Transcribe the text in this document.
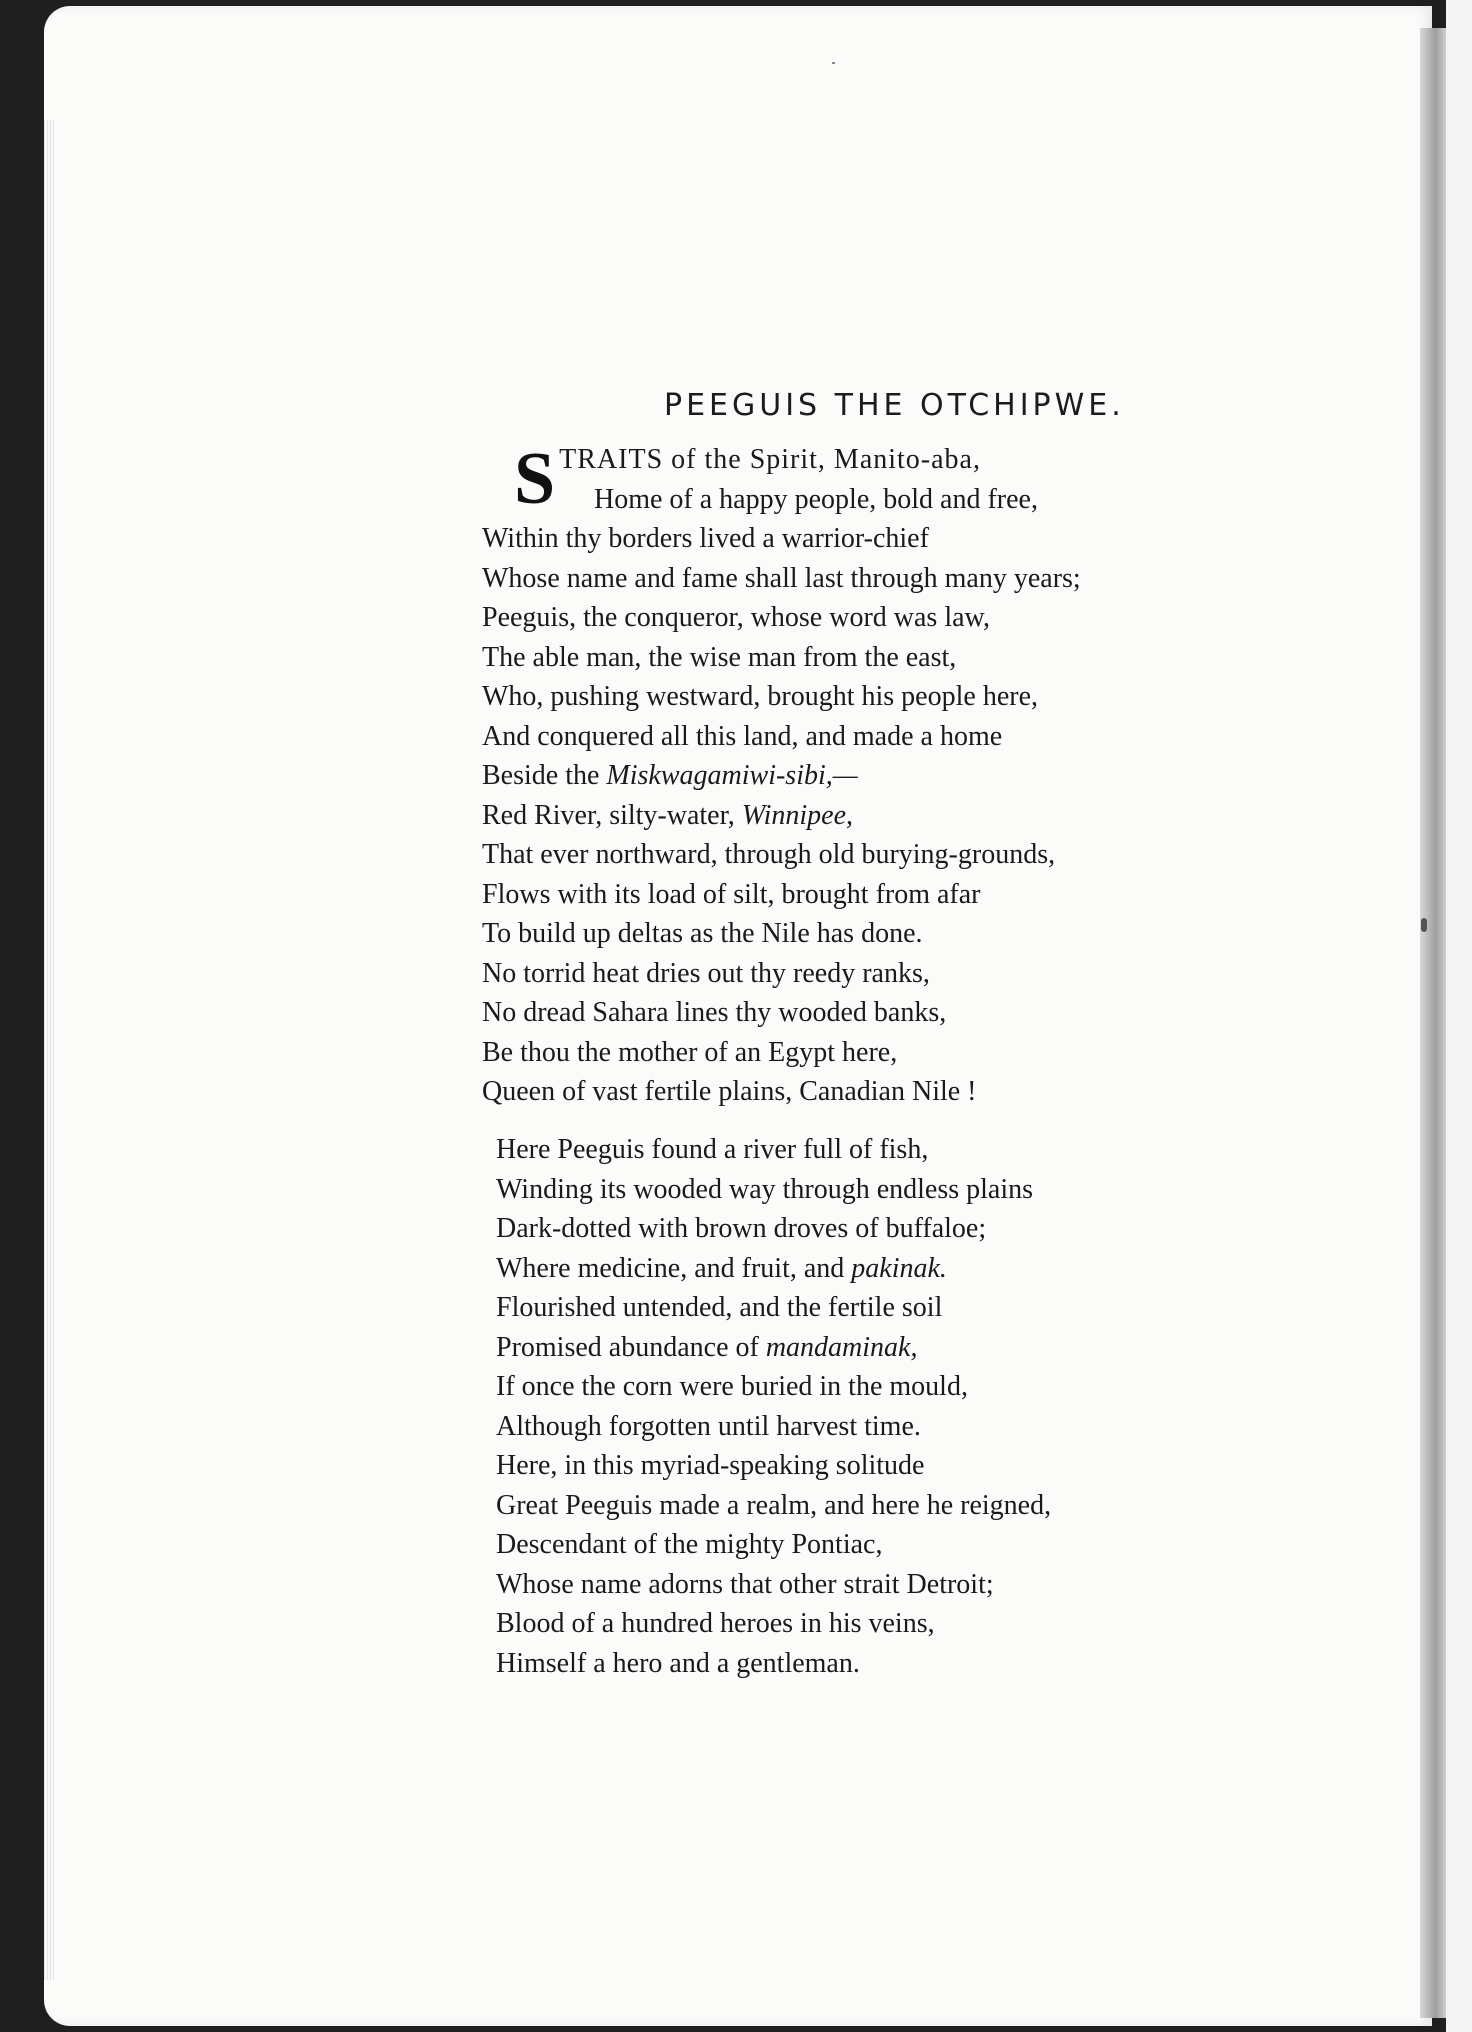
PEEGUIS THE OTCHIPWE.
S TRAITS of the Spirit, Manito-aba,
Home of a happy people, bold and free,
Within thy borders lived a warrior-chief
Whose name and fame shall last through many years;
Peeguis, the conqueror, whose word was law,
The able man, the wise man from the east,
Who, pushing westward, brought his people here,
And conquered all this land, and made a home
Beside the Miskwagamiwi-sibi,—
Red River, silty-water, Winnipee,
That ever northward, through old burying-grounds,
Flows with its load of silt, brought from afar
To build up deltas as the Nile has done.
No torrid heat dries out thy reedy ranks,
No dread Sahara lines thy wooded banks,
Be thou the mother of an Egypt here,
Queen of vast fertile plains, Canadian Nile !
Here Peeguis found a river full of fish,
Winding its wooded way through endless plains
Dark-dotted with brown droves of buffaloe;
Where medicine, and fruit, and pakinak.
Flourished untended, and the fertile soil
Promised abundance of mandaminak,
If once the corn were buried in the mould,
Although forgotten until harvest time.
Here, in this myriad-speaking solitude
Great Peeguis made a realm, and here he reigned,
Descendant of the mighty Pontiac,
Whose name adorns that other strait Detroit;
Blood of a hundred heroes in his veins,
Himself a hero and a gentleman.
